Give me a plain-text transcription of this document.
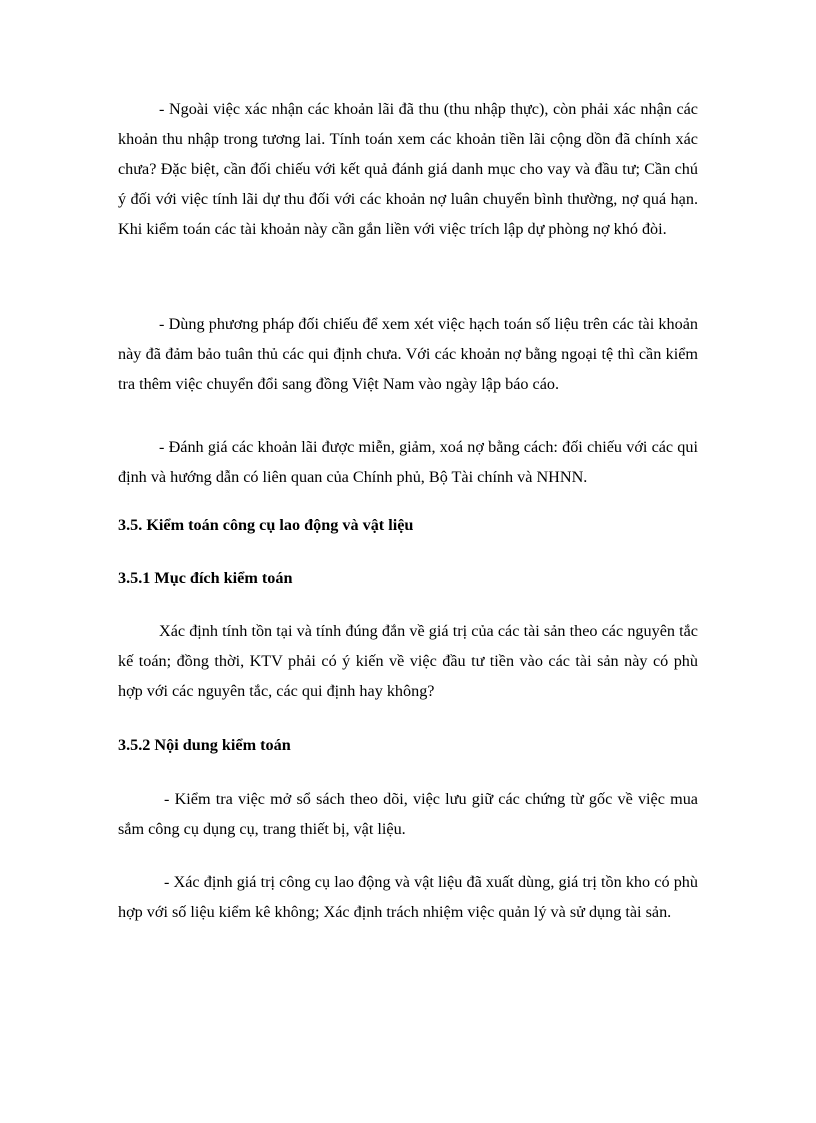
- Ngoài việc xác nhận các khoản lãi đã thu (thu nhập thực), còn phải xác nhận các khoản thu nhập trong tương lai. Tính toán xem các khoản tiền lãi cộng dồn đã chính xác chưa? Đặc biệt, cần đối chiếu với kết quả đánh giá danh mục cho vay và đầu tư; Cần chú ý đối với việc tính lãi dự thu đối với các khoản nợ luân chuyển bình thường, nợ quá hạn. Khi kiểm toán các tài khoản này cần gắn liền với việc trích lập dự phòng nợ khó đòi.

- Dùng phương pháp đối chiếu để xem xét việc hạch toán số liệu trên các tài khoản này đã đảm bảo tuân thủ các qui định chưa. Với các khoản nợ bằng ngoại tệ thì cần kiểm tra thêm việc chuyển đổi sang đồng Việt Nam vào ngày lập báo cáo.

- Đánh giá các khoản lãi được miễn, giảm, xoá nợ bằng cách: đối chiếu với các qui định và hướng dẫn có liên quan của Chính phủ, Bộ Tài chính và NHNN.

3.5. Kiểm toán công cụ lao động và vật liệu
3.5.1 Mục đích kiểm toán

Xác định tính tồn tại và tính đúng đắn về giá trị của các tài sản theo các nguyên tắc kế toán; đồng thời, KTV phải có ý kiến về việc đầu tư tiền vào các tài sản này có phù hợp với các nguyên tắc, các qui định hay không?

3.5.2 Nội dung kiểm toán

- Kiểm tra việc mở sổ sách theo dõi, việc lưu giữ các chứng từ gốc về việc mua sắm công cụ dụng cụ, trang thiết bị, vật liệu.

- Xác định giá trị công cụ lao động và vật liệu đã xuất dùng, giá trị tồn kho có phù hợp với số liệu kiểm kê không; Xác định trách nhiệm việc quản lý và sử dụng tài sản.
